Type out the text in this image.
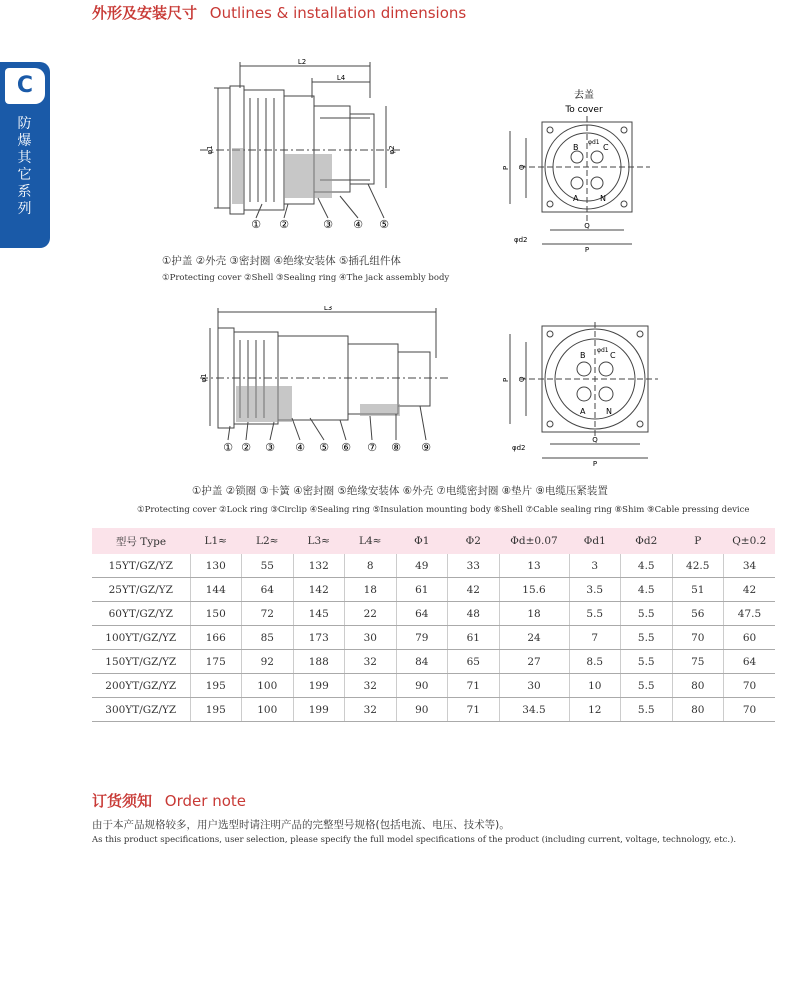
外形及安装尺寸 Outlines & installation dimensions
C
防爆其它系列
L2
L4
φ1	φ2
① ②	③ ④ ⑤
①护盖 ②外壳 ③密封圈 ④绝缘安装体 ⑤插孔组件体
①Protecting cover ②Shell ③Sealing ring ④The jack assembly body
去盖
To cover
B	C
A	N
φd1
P Q
φd2
Q
P
L3
φ1
① ② ③ ④ ⑤ ⑥ ⑦ ⑧ ⑨
①护盖 ②锁圈 ③卡簧 ④密封圈 ⑤绝缘安装体 ⑥外壳 ⑦电缆密封圈 ⑧垫片 ⑨电缆压紧装置
①Protecting cover ②Lock ring ③Circlip ④Sealing ring ⑤Insulation mounting body ⑥Shell ⑦Cable sealing ring ⑧Shim ⑨Cable pressing device
B	C
A	N
φd1
P Q
φd2
Q
P
型号 Type	L1≈	L2≈	L3≈	L4≈	Φ1	Φ2	Φd±0.07	Φd1	Φd2	P	Q±0.2
15YT/GZ/YZ	130	55	132	8	49	33	13	3	4.5	42.5	34
25YT/GZ/YZ	144	64	142	18	61	42	15.6	3.5	4.5	51	42
60YT/GZ/YZ	150	72	145	22	64	48	18	5.5	5.5	56	47.5
100YT/GZ/YZ	166	85	173	30	79	61	24	7	5.5	70	60
150YT/GZ/YZ	175	92	188	32	84	65	27	8.5	5.5	75	64
200YT/GZ/YZ	195	100	199	32	90	71	30	10	5.5	80	70
300YT/GZ/YZ	195	100	199	32	90	71	34.5	12	5.5	80	70
订货须知 Order note
由于本产品规格较多，用户选型时请注明产品的完整型号规格(包括电流、电压、技术等)。
As this product specifications, user selection, please specify the full model specifications of the product (including current, voltage, technology, etc.).
